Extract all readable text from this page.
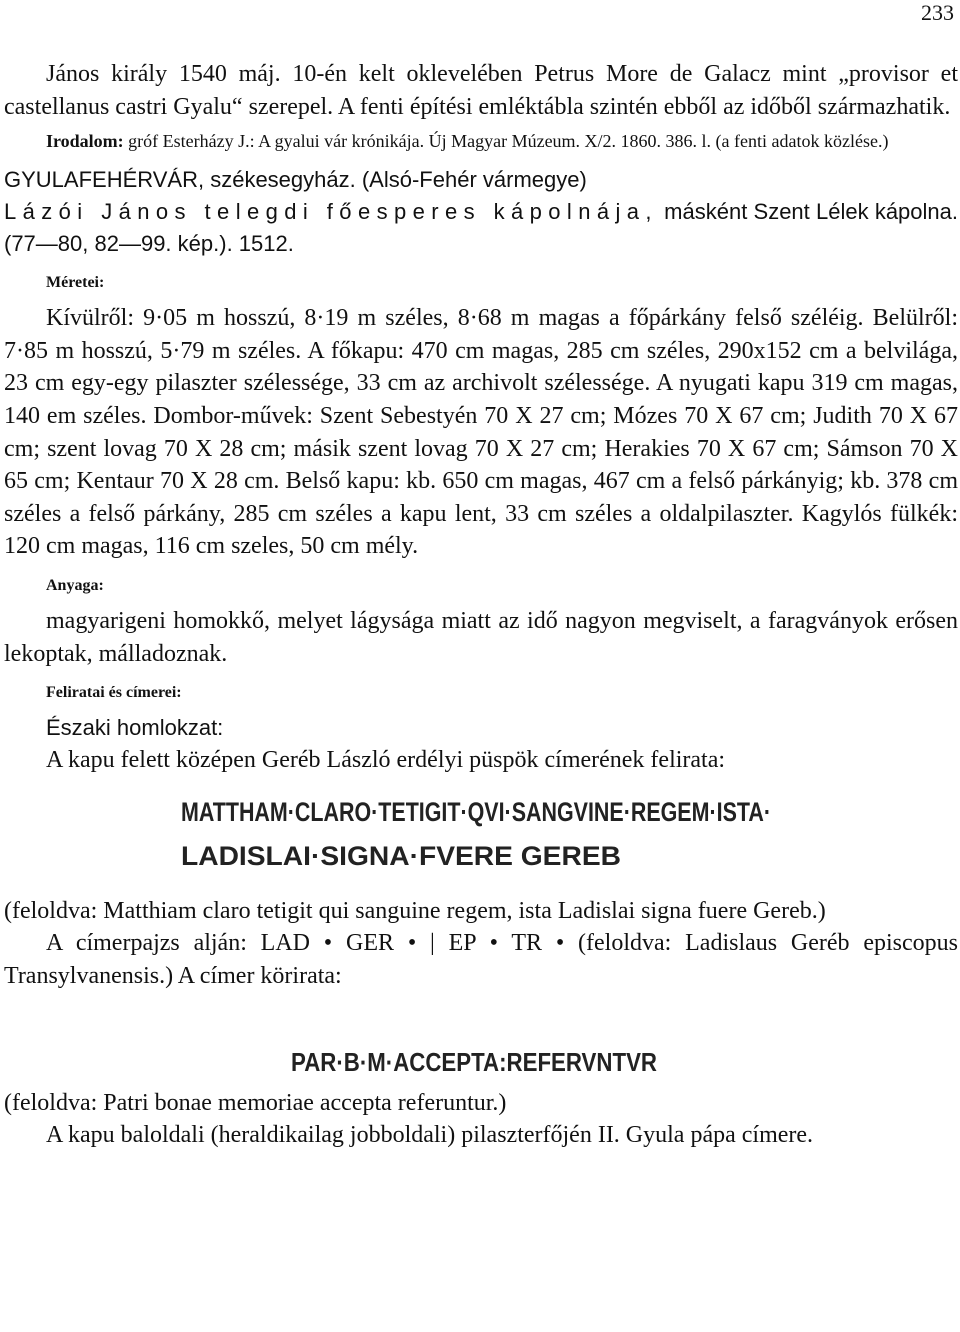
233

János király 1540 máj. 10-én kelt oklevelében Petrus More de Galacz mint „provisor et castellanus castri Gyalu“ szerepel. A fenti építési emléktábla szintén ebből az időből származhatik.

Irodalom: gróf Esterházy J.: A gyalui vár krónikája. Új Magyar Múzeum. X/2. 1860. 386. l. (a fenti adatok közlése.)

GYULAFEHÉRVÁR, székesegyház. (Alsó-Fehér vármegye)

Lázói János telegdi főesperes kápolnája, másként Szent Lélek kápolna. (77—80, 82—99. kép.). 1512.

Méretei:

Kívülről: 9·05 m hosszú, 8·19 m széles, 8·68 m magas a főpárkány felső széléig. Belülről: 7·85 m hosszú, 5·79 m széles. A főkapu: 470 cm magas, 285 cm széles, 290x152 cm a belvilága, 23 cm egy-egy pilaszter szélessége, 33 cm az archivolt szélessége. A nyugati kapu 319 cm magas, 140 em széles. Dombor-művek: Szent Sebestyén 70 X 27 cm; Mózes 70 X 67 cm; Judith 70 X 67 cm; szent lovag 70 X 28 cm; másik szent lovag 70 X 27 cm; Herakies 70 X 67 cm; Sámson 70 X 65 cm; Kentaur 70 X 28 cm. Belső kapu: kb. 650 cm magas, 467 cm a felső párkányig; kb. 378 cm széles a felső párkány, 285 cm széles a kapu lent, 33 cm széles a oldalpilaszter. Kagylós fülkék: 120 cm magas, 116 cm szeles, 50 cm mély.

Anyaga:

magyarigeni homokkő, melyet lágysága miatt az idő nagyon megviselt, a faragványok erősen lekoptak, málladoznak.

Feliratai és címerei:

Északi homlokzat:

A kapu felett középen Geréb László erdélyi püspök címerének felirata:

MATTHAM·CLARO·TETIGIT·QVI·SANGVINE·REGEM·ISTA·
LADISLAI·SIGNA·FVERE GEREB

(feloldva: Matthiam claro tetigit qui sanguine regem, ista Ladislai signa fuere Gereb.)

A címerpajzs alján: LAD • GER • | EP • TR • (feloldva: Ladislaus Geréb episcopus Transylvanensis.) A címer körirata:

PAR·B·M·ACCEPTA:REFERVNTVR

(feloldva: Patri bonae memoriae accepta referuntur.)

A kapu baloldali (heraldikailag jobboldali) pilaszterfőjén II. Gyula pápa címere.
